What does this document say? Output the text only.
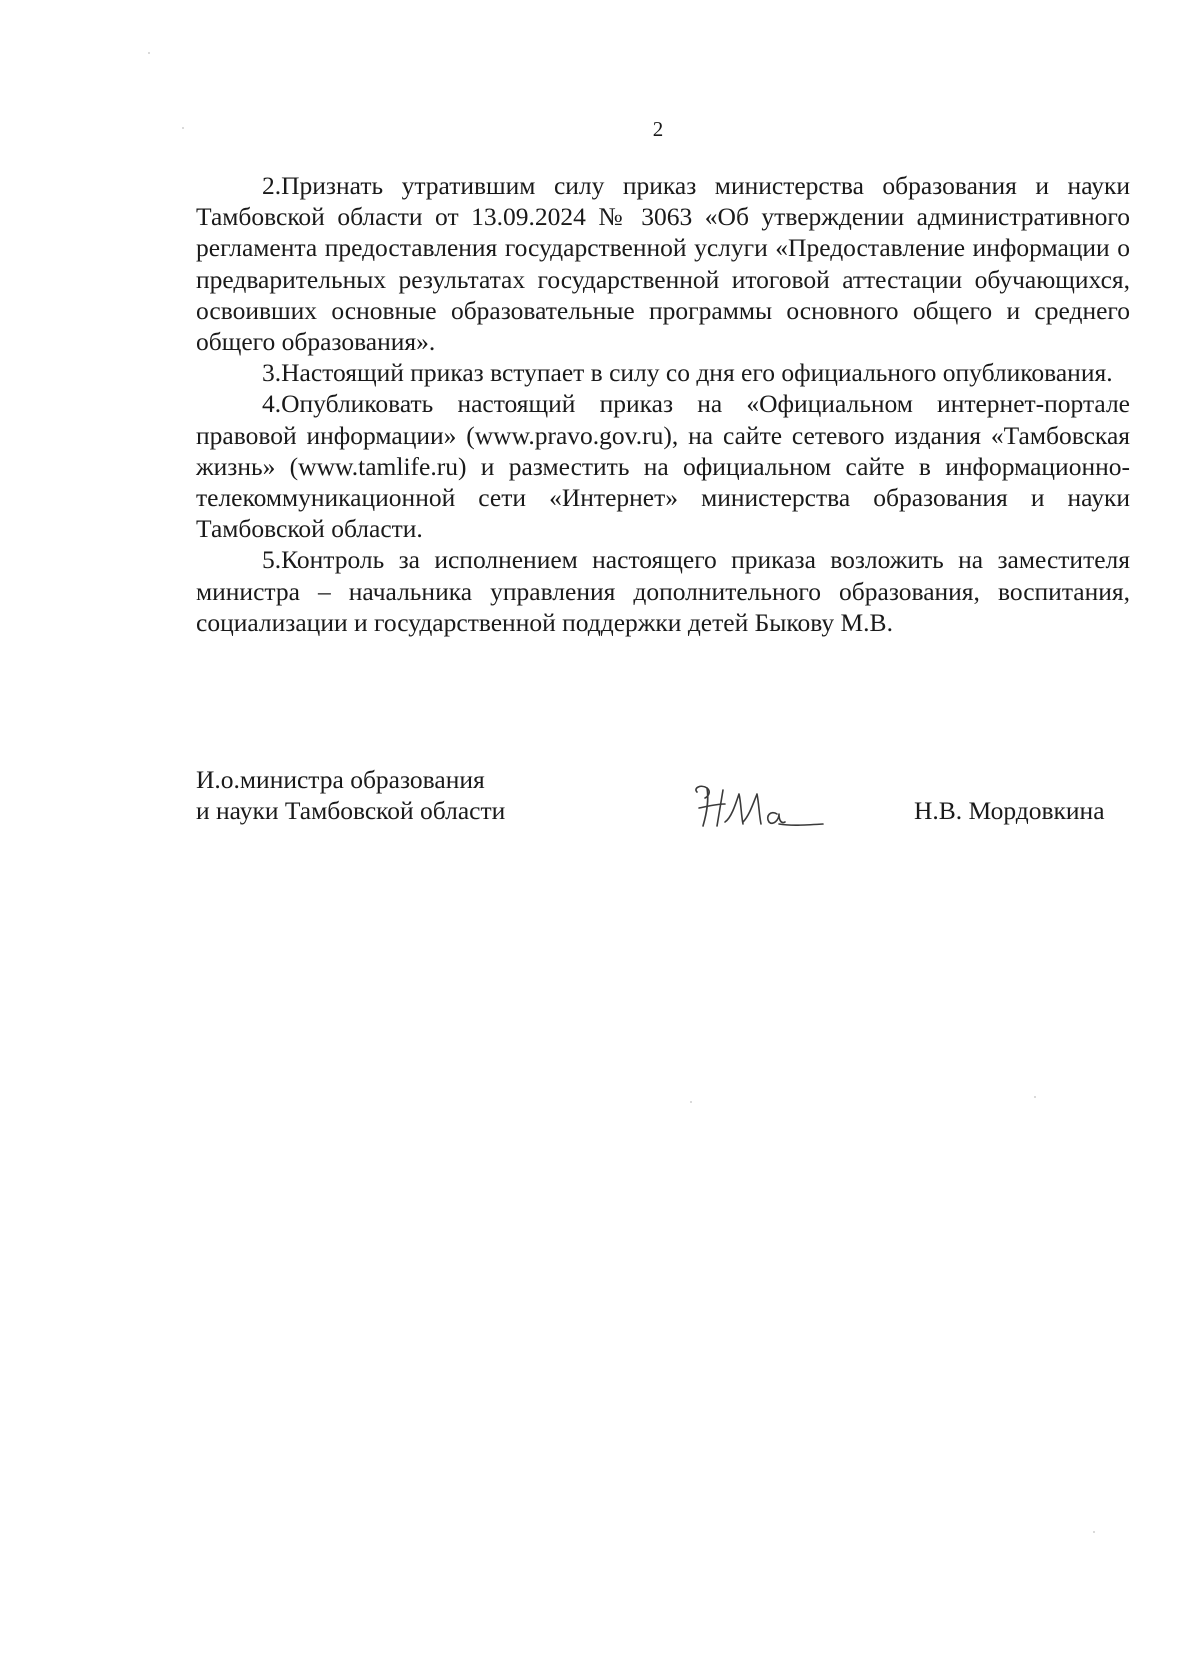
2

2.Признать утратившим силу приказ министерства образования и науки Тамбовской области от 13.09.2024 № 3063 «Об утверждении административного регламента предоставления государственной услуги «Предоставление информации о предварительных результатах государственной итоговой аттестации обучающихся, освоивших основные образовательные программы основного общего и среднего общего образования».

3.Настоящий приказ вступает в силу со дня его официального опубликования.

4.Опубликовать настоящий приказ на «Официальном интернет-портале правовой информации» (www.pravo.gov.ru), на сайте сетевого издания «Тамбовская жизнь» (www.tamlife.ru) и разместить на официальном сайте в информационно-телекоммуникационной сети «Интернет» министерства образования и науки Тамбовской области.

5.Контроль за исполнением настоящего приказа возложить на заместителя министра – начальника управления дополнительного образования, воспитания, социализации и государственной поддержки детей Быкову М.В.

И.о.министра образования
и науки Тамбовской области	Н.В. Мордовкина
